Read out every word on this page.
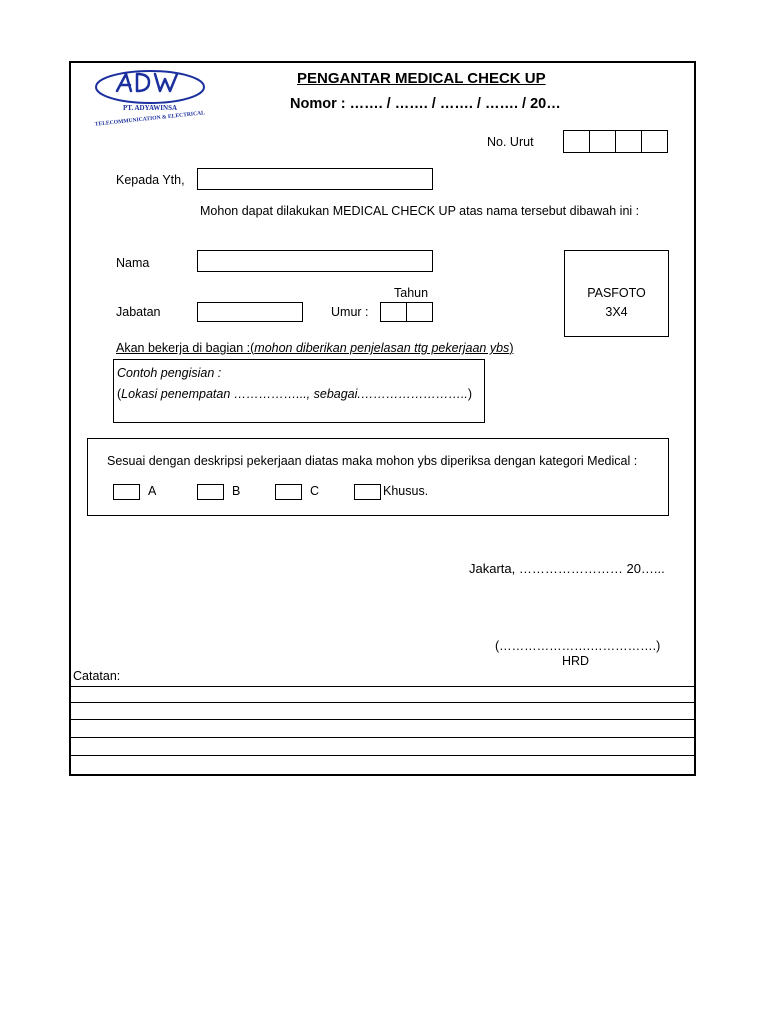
PT. ADYAWINSA
TELECOMMUNICATION & ELECTRICAL
PENGANTAR MEDICAL CHECK UP
Nomor : ……. / ……. / ……. / ……. / 20…
No. Urut
Kepada Yth,
Mohon dapat dilakukan MEDICAL CHECK UP atas nama tersebut dibawah ini :
Nama
PASFOTO
3X4
Tahun
Jabatan	Umur :
Akan bekerja di bagian :(mohon diberikan penjelasan ttg pekerjaan ybs)
Contoh pengisian :
(Lokasi penempatan ……………..., sebagai.……………………..)
Sesuai dengan deskripsi pekerjaan diatas maka mohon ybs diperiksa dengan kategori Medical :
A	B	C	Khusus.
Jakarta, …………………… 20…...
(………………….…………….)
HRD
Catatan:
